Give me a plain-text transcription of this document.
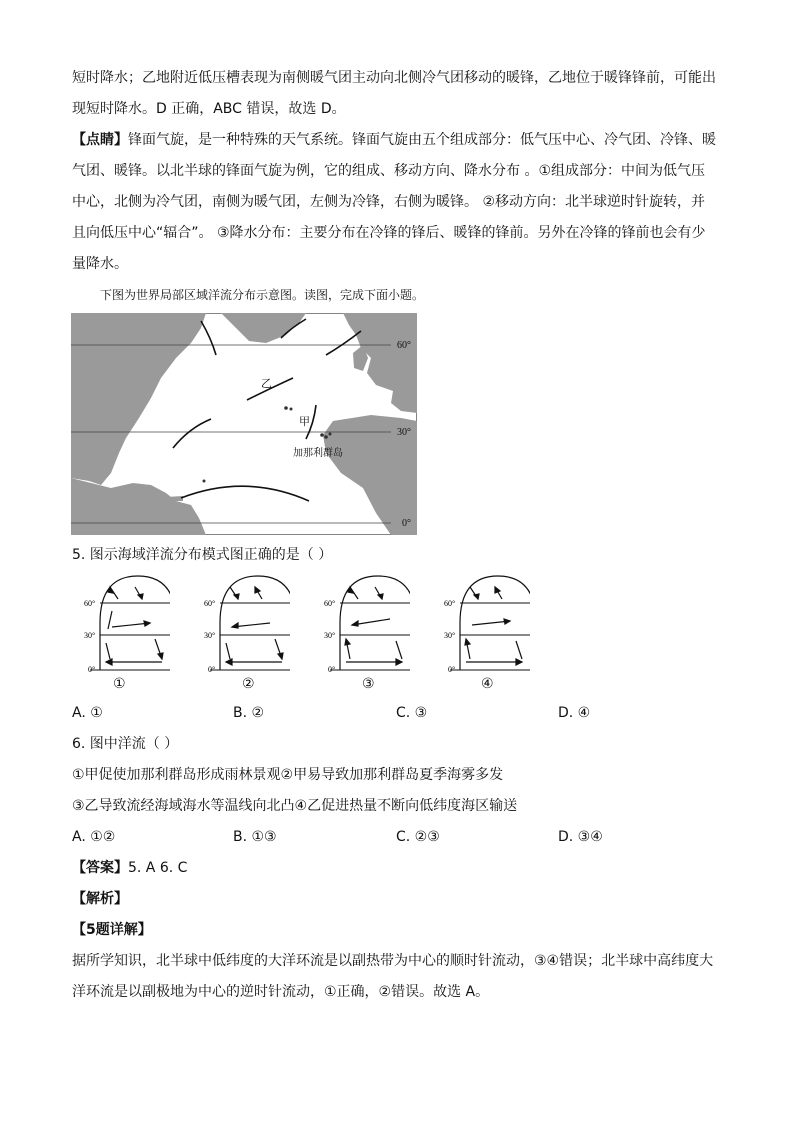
短时降水；乙地附近低压槽表现为南侧暖气团主动向北侧冷气团移动的暖锋，乙地位于暖锋锋前，可能出
现短时降水。D 正确，ABC 错误，故选 D。
【点睛】锋面气旋，是一种特殊的天气系统。锋面气旋由五个组成部分：低气压中心、冷气团、冷锋、暖
气团、暖锋。以北半球的锋面气旋为例，它的组成、移动方向、降水分布 。①组成部分：中间为低气压
中心，北侧为冷气团，南侧为暖气团，左侧为冷锋，右侧为暖锋。 ②移动方向：北半球逆时针旋转，并
且向低压中心“辐合”。 ③降水分布：主要分布在冷锋的锋后、暖锋的锋前。另外在冷锋的锋前也会有少
量降水。
下图为世界局部区域洋流分布示意图。读图，完成下面小题。
60°
30°
0°
乙
甲
加那利群岛
5. 图示海域洋流分布模式图正确的是（ ）
60°
30°
0°
60°
30°
0°
60°
30°
0°
60°
30°
0°
①	②	③	④
A. ①	B. ②	C. ③	D. ④
6. 图中洋流（ ）
①甲促使加那利群岛形成雨林景观②甲易导致加那利群岛夏季海雾多发
③乙导致流经海域海水等温线向北凸④乙促进热量不断向低纬度海区输送
A. ①②	B. ①③	C. ②③	D. ③④
【答案】5. A 6. C
【解析】
【5题详解】
据所学知识，北半球中低纬度的大洋环流是以副热带为中心的顺时针流动，③④错误；北半球中高纬度大
洋环流是以副极地为中心的逆时针流动，①正确，②错误。故选 A。
